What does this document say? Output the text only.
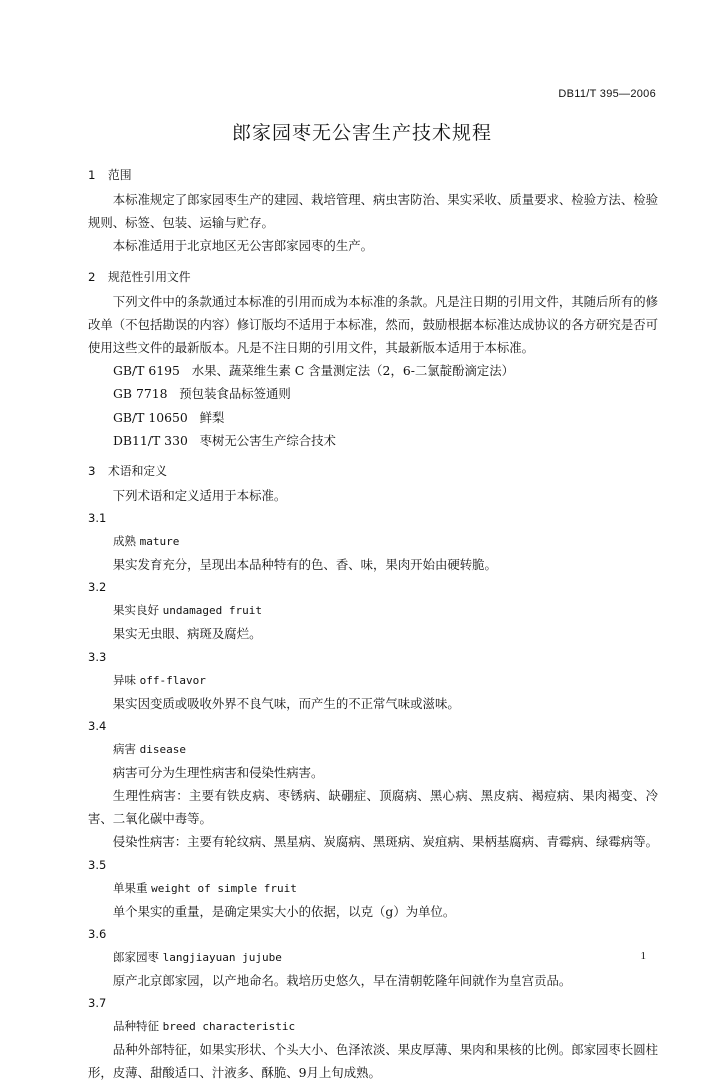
DB11/T 395—2006
郎家园枣无公害生产技术规程
1 范围
本标准规定了郎家园枣生产的建园、栽培管理、病虫害防治、果实采收、质量要求、检验方法、检验规则、标签、包装、运输与贮存。
本标准适用于北京地区无公害郎家园枣的生产。
2 规范性引用文件
下列文件中的条款通过本标准的引用而成为本标准的条款。凡是注日期的引用文件，其随后所有的修改单（不包括勘误的内容）修订版均不适用于本标准，然而，鼓励根据本标准达成协议的各方研究是否可使用这些文件的最新版本。凡是不注日期的引用文件，其最新版本适用于本标准。
GB/T 6195   水果、蔬菜维生素 C 含量测定法（2，6-二氯靛酚滴定法）
GB 7718   预包装食品标签通则
GB/T 10650   鲜梨
DB11/T 330   枣树无公害生产综合技术
3 术语和定义
下列术语和定义适用于本标准。
3.1
成熟 mature
果实发育充分，呈现出本品种特有的色、香、味，果肉开始由硬转脆。
3.2
果实良好 undamaged fruit
果实无虫眼、病斑及腐烂。
3.3
异味 off-flavor
果实因变质或吸收外界不良气味，而产生的不正常气味或滋味。
3.4
病害 disease
病害可分为生理性病害和侵染性病害。
生理性病害：主要有铁皮病、枣锈病、缺硼症、顶腐病、黑心病、黑皮病、褐痘病、果肉褐变、冷害、二氧化碳中毒等。
侵染性病害：主要有轮纹病、黑星病、炭腐病、黑斑病、炭疽病、果柄基腐病、青霉病、绿霉病等。
3.5
单果重 weight of simple fruit
单个果实的重量，是确定果实大小的依据，以克（g）为单位。
3.6
郎家园枣 langjiayuan jujube
原产北京郎家园，以产地命名。栽培历史悠久，早在清朝乾隆年间就作为皇宫贡品。
3.7
品种特征 breed characteristic
品种外部特征，如果实形状、个头大小、色泽浓淡、果皮厚薄、果肉和果核的比例。郎家园枣长圆柱形，皮薄、甜酸适口、汁液多、酥脆、9月上旬成熟。
1
